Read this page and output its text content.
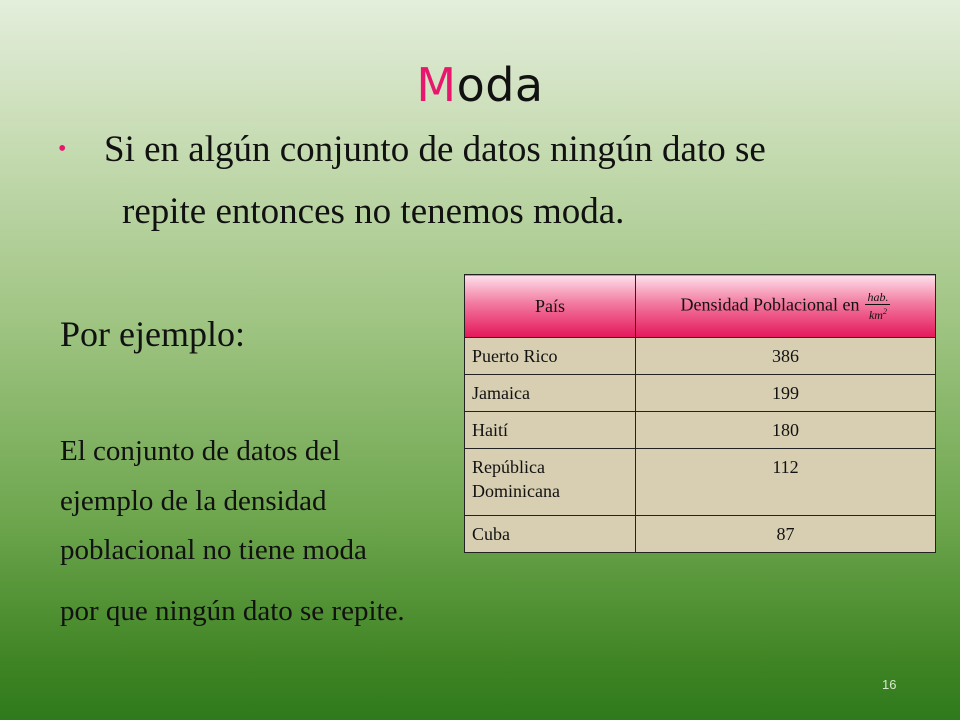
Moda
• Si en algún conjunto de datos ningún dato se
repite entonces no tenemos moda.
Por ejemplo:
El conjunto de datos del
ejemplo de la densidad
poblacional no tiene moda
por que ningún dato se repite.
País	Densidad Poblacional en $\frac{\text{hab.}}{km^2}$

Puerto Rico	386
Jamaica	199
Haití	180
República Dominicana	112
Cuba	87
16
